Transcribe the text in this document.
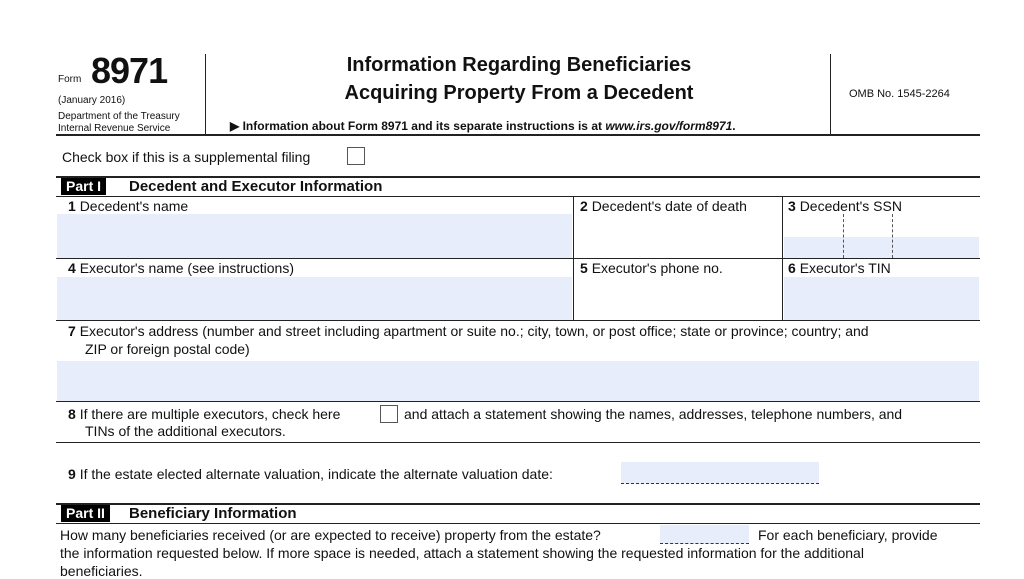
Form 8971
(January 2016)
Department of the Treasury
Internal Revenue Service
Information Regarding Beneficiaries
Acquiring Property From a Decedent
▶ Information about Form 8971 and its separate instructions is at www.irs.gov/form8971.
OMB No. 1545-2264
Check box if this is a supplemental filing
Part I	Decedent and Executor Information
1 Decedent's name	2 Decedent's date of death	3 Decedent's SSN
4 Executor's name (see instructions)	5 Executor's phone no.	6 Executor's TIN
7 Executor's address (number and street including apartment or suite no.; city, town, or post office; state or province; country; and
ZIP or foreign postal code)
8 If there are multiple executors, check here	and attach a statement showing the names, addresses, telephone numbers, and
TINs of the additional executors.
9 If the estate elected alternate valuation, indicate the alternate valuation date:
Part II	Beneficiary Information
How many beneficiaries received (or are expected to receive) property from the estate?	For each beneficiary, provide
the information requested below. If more space is needed, attach a statement showing the requested information for the additional
beneficiaries.
